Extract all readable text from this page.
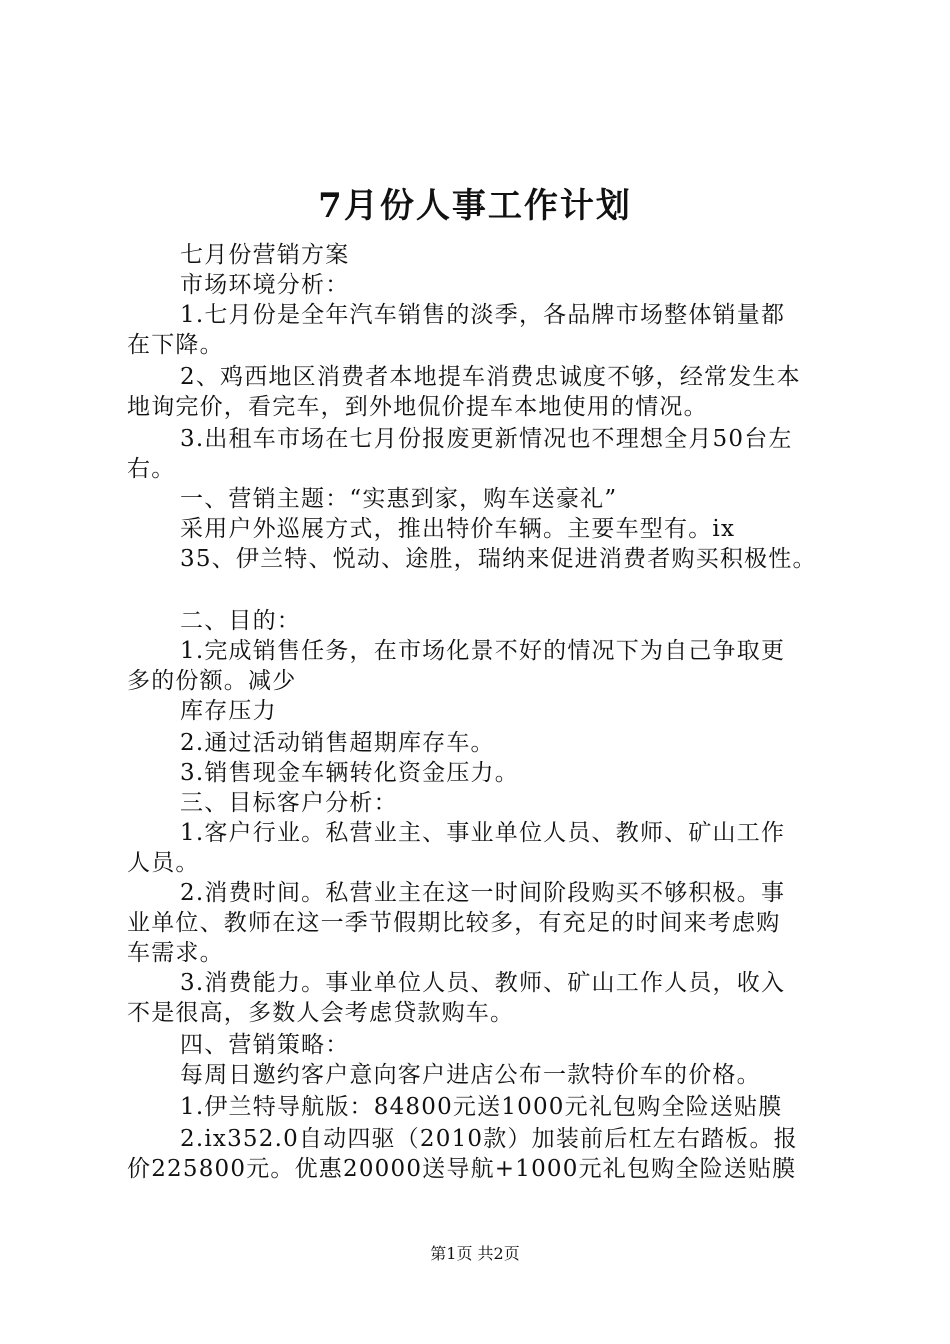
7月份人事工作计划
七月份营销方案
市场环境分析：
1.七月份是全年汽车销售的淡季，各品牌市场整体销量都
在下降。
2、鸡西地区消费者本地提车消费忠诚度不够，经常发生本
地询完价，看完车，到外地侃价提车本地使用的情况。
3.出租车市场在七月份报废更新情况也不理想全月50台左
右。
一、营销主题：“实惠到家，购车送豪礼”
采用户外巡展方式，推出特价车辆。主要车型有。ix
35、伊兰特、悦动、途胜，瑞纳来促进消费者购买积极性。
二、目的：
1.完成销售任务，在市场化景不好的情况下为自己争取更
多的份额。减少
库存压力
2.通过活动销售超期库存车。
3.销售现金车辆转化资金压力。
三、目标客户分析：
1.客户行业。私营业主、事业单位人员、教师、矿山工作
人员。
2.消费时间。私营业主在这一时间阶段购买不够积极。事
业单位、教师在这一季节假期比较多，有充足的时间来考虑购
车需求。
3.消费能力。事业单位人员、教师、矿山工作人员，收入
不是很高，多数人会考虑贷款购车。
四、营销策略：
每周日邀约客户意向客户进店公布一款特价车的价格。
1.伊兰特导航版：84800元送1000元礼包购全险送贴膜
2.ix352.0自动四驱（2010款）加装前后杠左右踏板。报
价225800元。优惠20000送导航+1000元礼包购全险送贴膜
第1页 共2页
